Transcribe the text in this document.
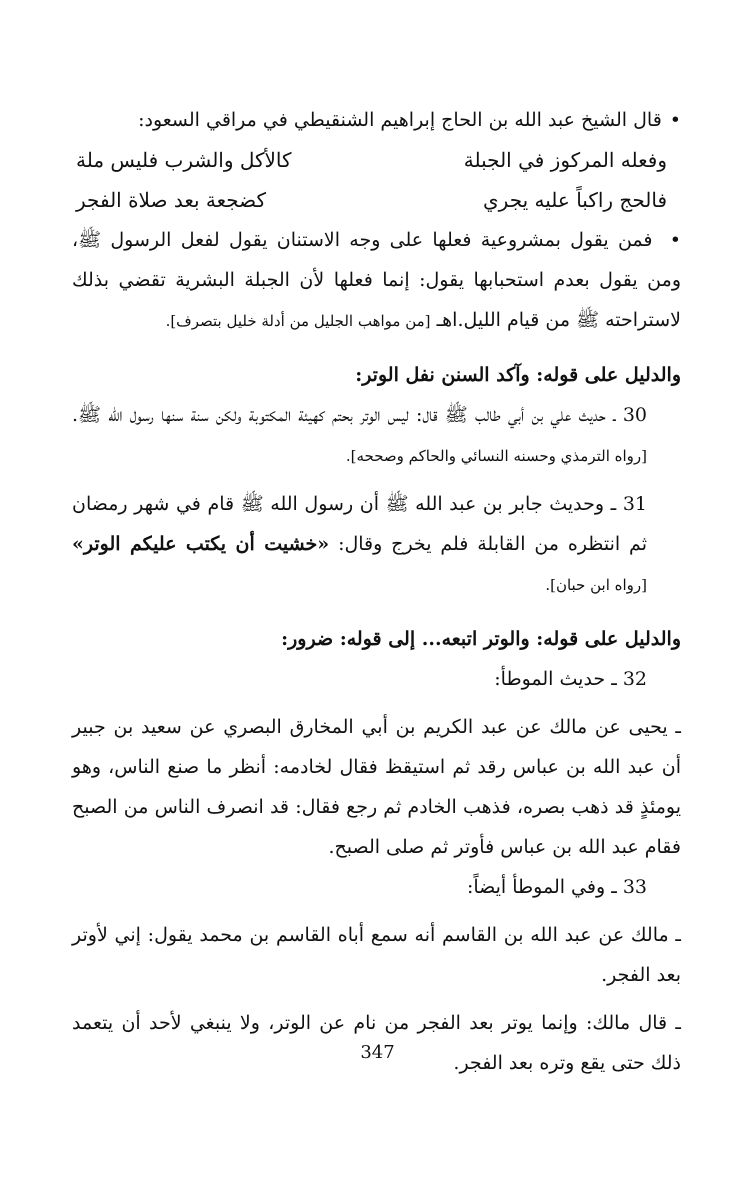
• قال الشيخ عبد الله بن الحاج إبراهيم الشنقيطي في مراقي السعود:

وفعله المركوز في الجبلة
كالأكل والشرب فليس ملة
فالحج راكباً عليه يجري
كضجعة بعد صلاة الفجر

• فمن يقول بمشروعية فعلها على وجه الاستنان يقول لفعل الرسول ﷺ، ومن يقول بعدم استحبابها يقول: إنما فعلها لأن الجبلة البشرية تقضي بذلك لاستراحته ﷺ من قيام الليل.اهـ [من مواهب الجليل من أدلة خليل بتصرف].

والدليل على قوله: وآكد السنن نفل الوتر:

30 ـ حديث علي بن أبي طالب ﷺ قال: ليس الوتر بحتم كهيئة المكتوبة ولكن سنة سنها رسول الله ﷺ. [رواه الترمذي وحسنه النسائي والحاكم وصححه].

31 ـ وحديث جابر بن عبد الله ﷺ أن رسول الله ﷺ قام في شهر رمضان ثم انتظره من القابلة فلم يخرج وقال: «خشيت أن يكتب عليكم الوتر» [رواه ابن حبان].

والدليل على قوله: والوتر اتبعه... إلى قوله: ضرور:

32 ـ حديث الموطأ:

ـ يحيى عن مالك عن عبد الكريم بن أبي المخارق البصري عن سعيد بن جبير أن عبد الله بن عباس رقد ثم استيقظ فقال لخادمه: أنظر ما صنع الناس، وهو يومئذٍ قد ذهب بصره، فذهب الخادم ثم رجع فقال: قد انصرف الناس من الصبح فقام عبد الله بن عباس فأوتر ثم صلى الصبح.

33 ـ وفي الموطأ أيضاً:

ـ مالك عن عبد الله بن القاسم أنه سمع أباه القاسم بن محمد يقول: إني لأوتر بعد الفجر.

ـ قال مالك: وإنما يوتر بعد الفجر من نام عن الوتر، ولا ينبغي لأحد أن يتعمد ذلك حتى يقع وتره بعد الفجر.

347
